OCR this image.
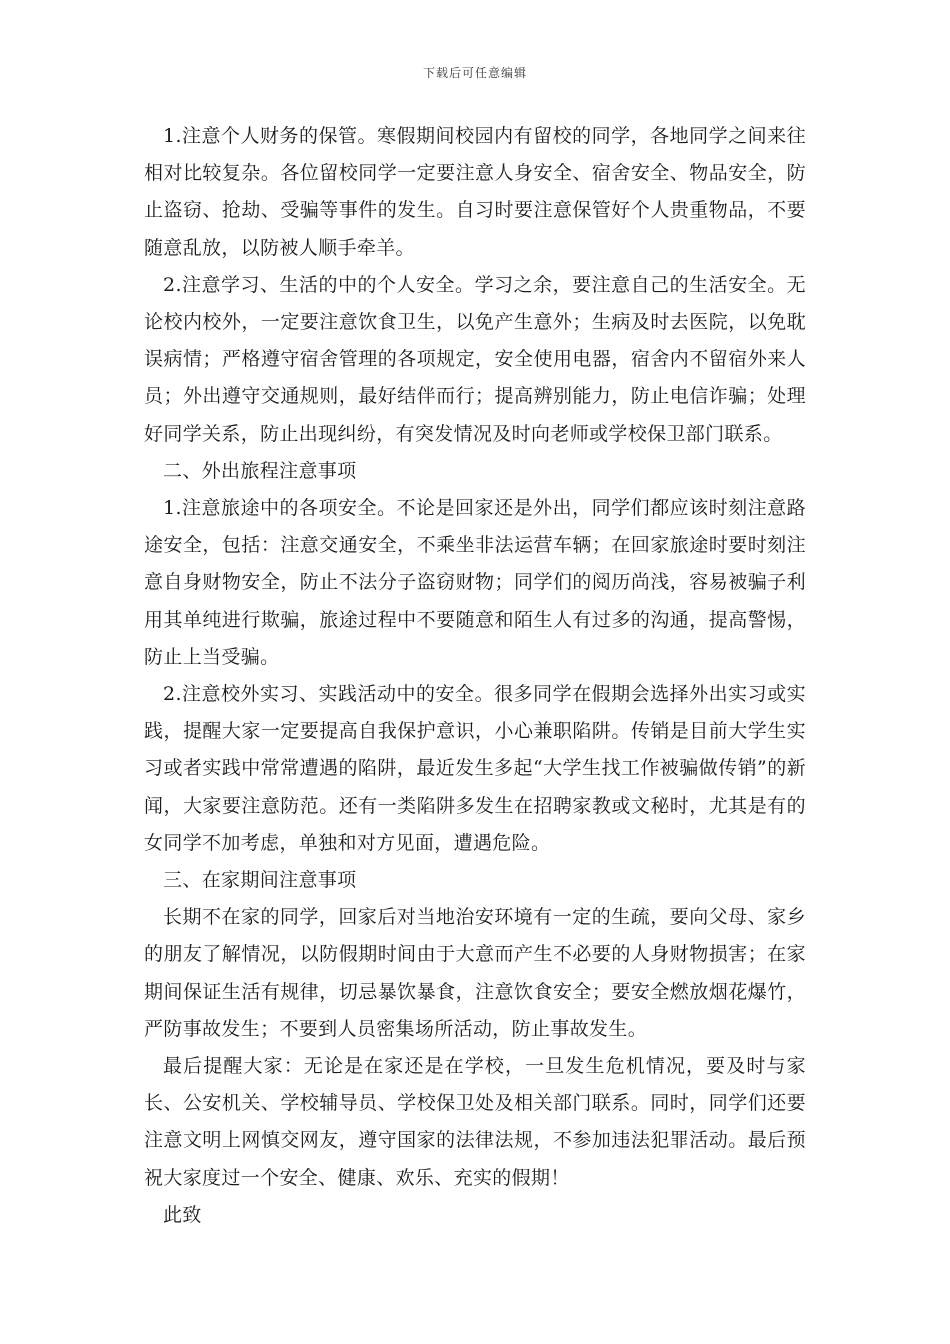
下载后可任意编辑

1.注意个人财务的保管。寒假期间校园内有留校的同学，各地同学之间来往相对比较复杂。各位留校同学一定要注意人身安全、宿舍安全、物品安全，防止盗窃、抢劫、受骗等事件的发生。自习时要注意保管好个人贵重物品，不要随意乱放，以防被人顺手牵羊。

2.注意学习、生活的中的个人安全。学习之余，要注意自己的生活安全。无论校内校外，一定要注意饮食卫生，以免产生意外；生病及时去医院，以免耽误病情；严格遵守宿舍管理的各项规定，安全使用电器，宿舍内不留宿外来人员；外出遵守交通规则，最好结伴而行；提高辨别能力，防止电信诈骗；处理好同学关系，防止出现纠纷，有突发情况及时向老师或学校保卫部门联系。

二、外出旅程注意事项

1.注意旅途中的各项安全。不论是回家还是外出，同学们都应该时刻注意路途安全，包括：注意交通安全，不乘坐非法运营车辆；在回家旅途时要时刻注意自身财物安全，防止不法分子盗窃财物；同学们的阅历尚浅，容易被骗子利用其单纯进行欺骗，旅途过程中不要随意和陌生人有过多的沟通，提高警惕，防止上当受骗。

2.注意校外实习、实践活动中的安全。很多同学在假期会选择外出实习或实践，提醒大家一定要提高自我保护意识，小心兼职陷阱。传销是目前大学生实习或者实践中常常遭遇的陷阱，最近发生多起“大学生找工作被骗做传销”的新闻，大家要注意防范。还有一类陷阱多发生在招聘家教或文秘时，尤其是有的女同学不加考虑，单独和对方见面，遭遇危险。

三、在家期间注意事项

长期不在家的同学，回家后对当地治安环境有一定的生疏，要向父母、家乡的朋友了解情况，以防假期时间由于大意而产生不必要的人身财物损害；在家期间保证生活有规律，切忌暴饮暴食，注意饮食安全；要安全燃放烟花爆竹，严防事故发生；不要到人员密集场所活动，防止事故发生。

最后提醒大家：无论是在家还是在学校，一旦发生危机情况，要及时与家长、公安机关、学校辅导员、学校保卫处及相关部门联系。同时，同学们还要注意文明上网慎交网友，遵守国家的法律法规，不参加违法犯罪活动。最后预祝大家度过一个安全、健康、欢乐、充实的假期！

此致
